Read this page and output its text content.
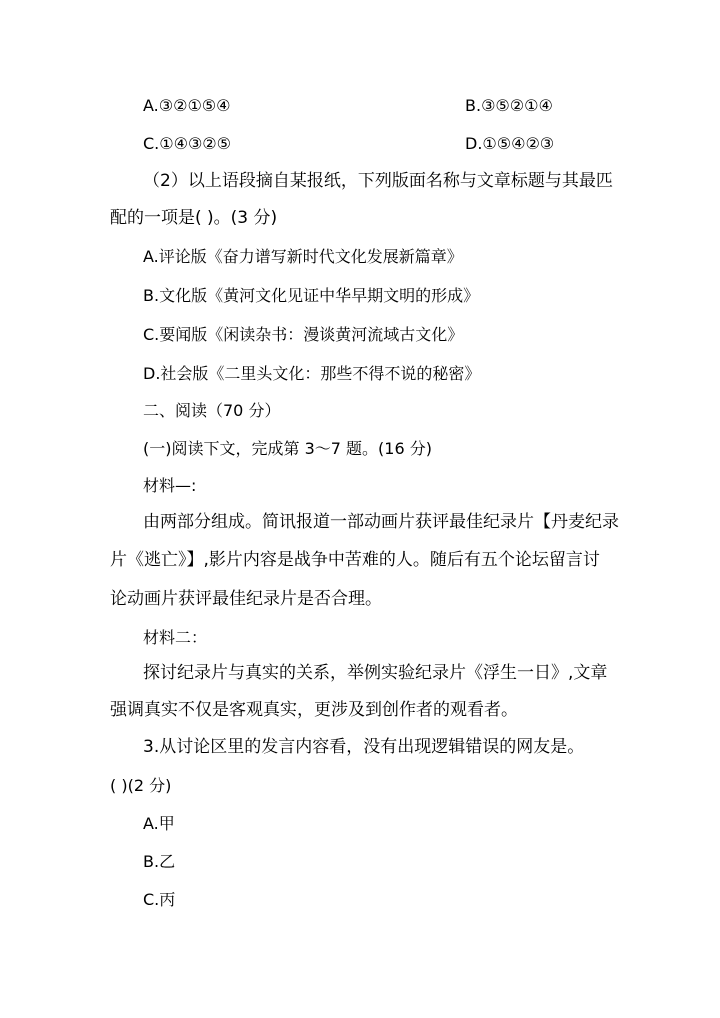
A.③②①⑤④	B.③⑤②①④
C.①④③②⑤	D.①⑤④②③
（2）以上语段摘自某报纸，下列版面名称与文章标题与其最匹
配的一项是( )。(3 分)
A.评论版《奋力谱写新时代文化发展新篇章》
B.文化版《黄河文化见证中华早期文明的形成》
C.要闻版《闲读杂书：漫谈黄河流域古文化》
D.社会版《二里头文化：那些不得不说的秘密》
二、阅读（70 分）
(一)阅读下文，完成第 3～7 题。(16 分)
材料—:
由两部分组成。简讯报道一部动画片获评最佳纪录片【丹麦纪录
片《逃亡》】,影片内容是战争中苦难的人。随后有五个论坛留言讨
论动画片获评最佳纪录片是否合理。
材料二：
探讨纪录片与真实的关系，举例实验纪录片《浮生一日》,文章
强调真实不仅是客观真实，更涉及到创作者的观看者。
3.从讨论区里的发言内容看，没有出现逻辑错误的网友是。
( )(2 分)
A.甲
B.乙
C.丙
